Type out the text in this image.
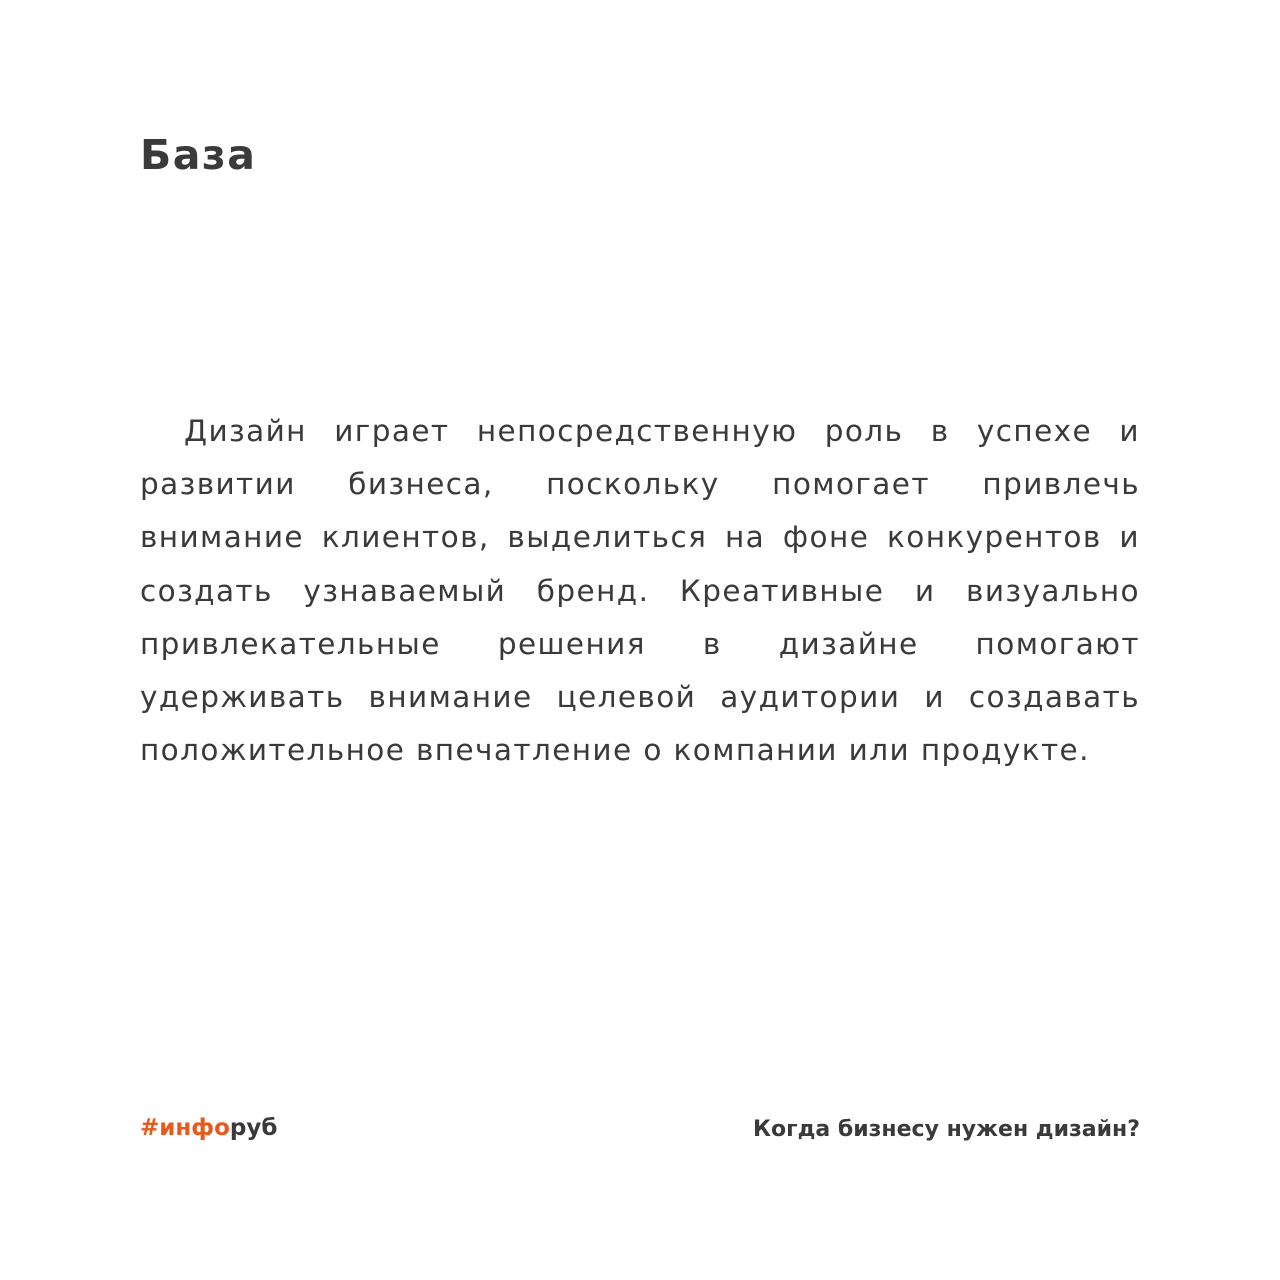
База

Дизайн играет непосредственную роль в успехе и развитии бизнеса, поскольку помогает привлечь внимание клиентов, выделиться на фоне конкурентов и создать узнаваемый бренд. Креативные и визуально привлекательные решения в дизайне помогают удерживать внимание целевой аудитории и создавать положительное впечатление о компании или продукте.

#инфоруб	Когда бизнесу нужен дизайн?
